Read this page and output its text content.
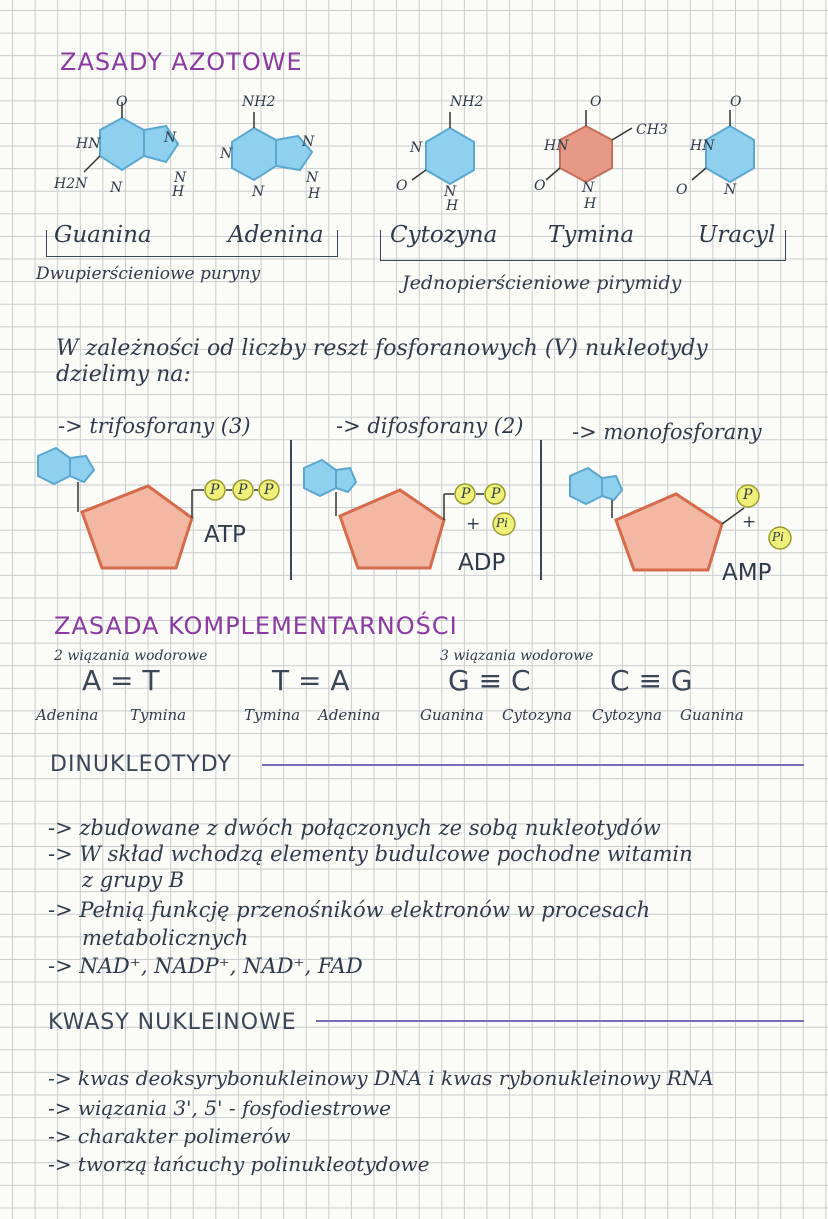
ZASADY AZOTOWE
O
HN	N
H2N N
N
H
NH2
N
N
N
N
H
NH2
N
O	N
H
O
CH3
HN
O	N
H
O
HN
O	N
Guanina	Adenina	Cytozyna Tymina	Uracyl
Dwupierścieniowe puryny	Jednopierścieniowe pirymidy
W zależności od liczby reszt fosforanowych (V) nukleotydy
dzielimy na:
-> trifosforany (3)	-> difosforany (2) -> monofosforany
P P P
ATP
P P
+ Pi
ADP
P
+
Pi
AMP
ZASADA KOMPLEMENTARNOŚCI
2 wiązania wodorowe	3 wiązania wodorowe
A = T	T = A	G ≡ C	C ≡ G
Adenina Tymina	Tymina Adenina	Guanina Cytozyna Cytozyna Guanina
DINUKLEOTYDY
-> zbudowane z dwóch połączonych ze sobą nukleotydów
-> W skład wchodzą elementy budulcowe pochodne witamin
z grupy B
-> Pełnią funkcję przenośników elektronów w procesach
metabolicznych
-> NAD⁺, NADP⁺, NAD⁺, FAD
KWASY NUKLEINOWE
-> kwas deoksyrybonukleinowy DNA i kwas rybonukleinowy RNA
-> wiązania 3', 5' - fosfodiestrowe
-> charakter polimerów
-> tworzą łańcuchy polinukleotydowe
